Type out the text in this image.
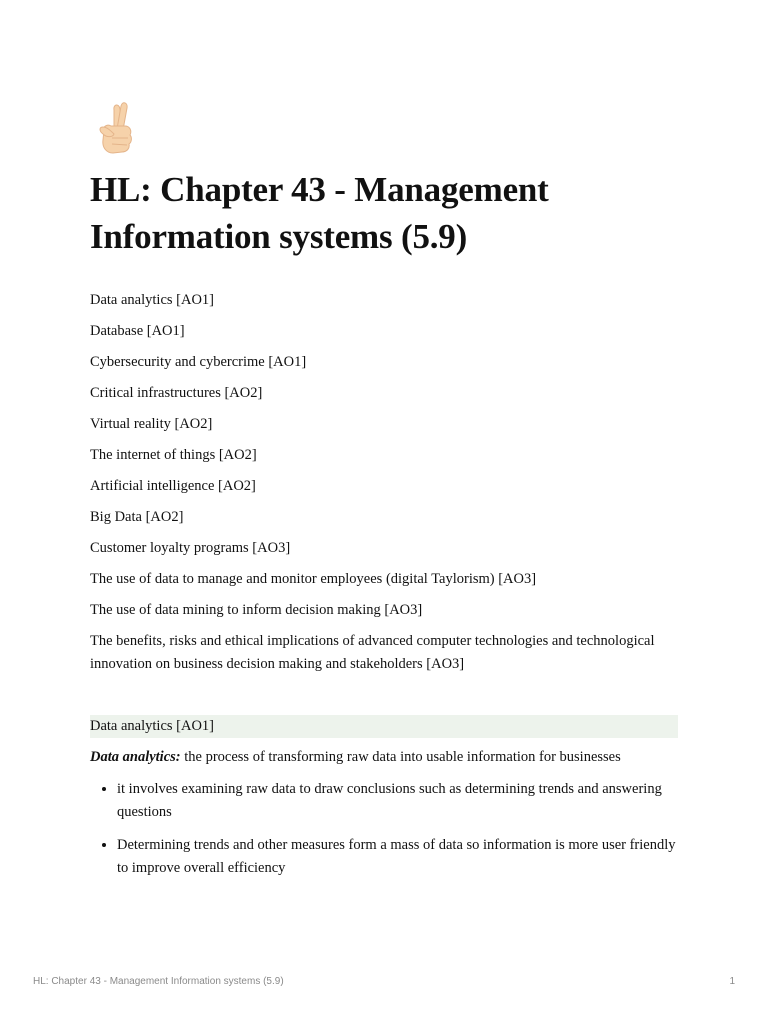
HL: Chapter 43 - Management Information systems (5.9)
Data analytics [AO1]
Database [AO1]
Cybersecurity and cybercrime [AO1]
Critical infrastructures [AO2]
Virtual reality [AO2]
The internet of things [AO2]
Artificial intelligence [AO2]
Big Data [AO2]
Customer loyalty programs [AO3]
The use of data to manage and monitor employees (digital Taylorism) [AO3]
The use of data mining to inform decision making [AO3]
The benefits, risks and ethical implications of advanced computer technologies and technological innovation on business decision making and stakeholders [AO3]
Data analytics [AO1]

Data analytics: the process of transforming raw data into usable information for businesses

• it involves examining raw data to draw conclusions such as determining trends and answering questions
• Determining trends and other measures form a mass of data so information is more user friendly to improve overall efficiency
HL: Chapter 43 - Management Information systems (5.9)	1
